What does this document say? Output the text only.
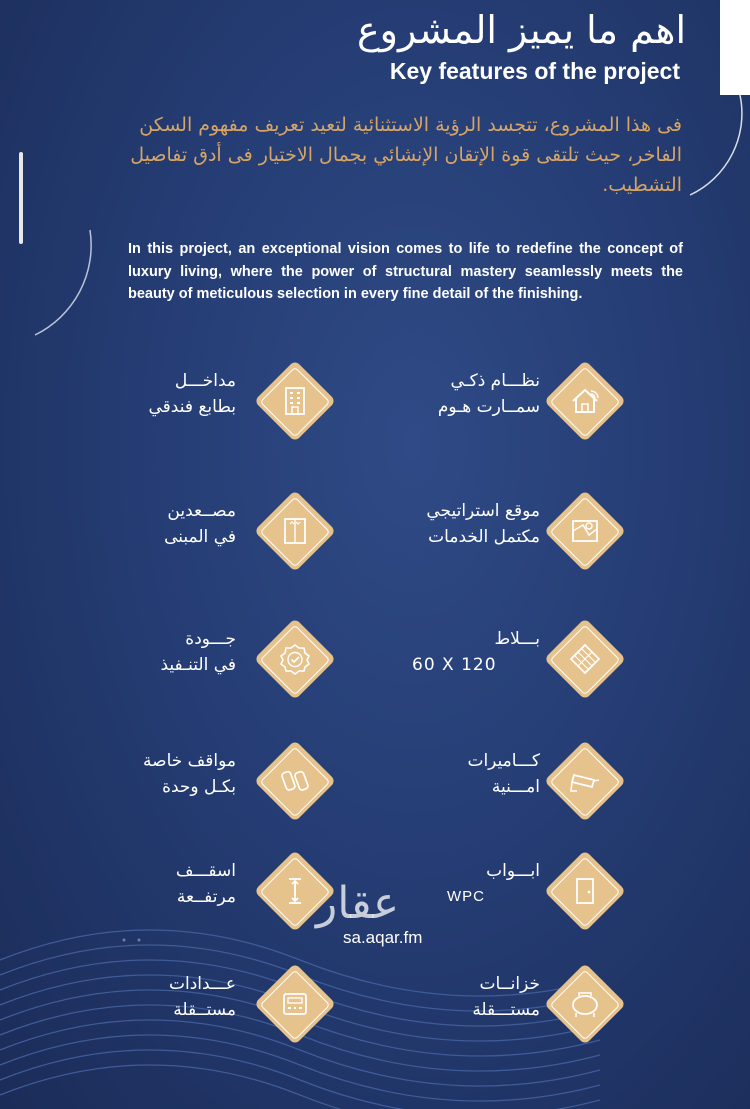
اهم ما يميز المشروع
Key features of the project
فى هذا المشروع، تتجسد الرؤية الاستثنائية لتعيد تعريف مفهوم السكن الفاخر، حيث تلتقى قوة الإتقان الإنشائي بجمال الاختيار فى أدق تفاصيل التشطيب.
In this project, an exceptional vision comes to life to redefine the concept of luxury living, where the power of structural mastery seamlessly meets the beauty of meticulous selection in every fine detail of the finishing.
نظـــام ذكـي
سمــارت هـوم
موقع استراتيجي
مكتمل الخدمات
بـــلاط
60 X 120
كـــاميرات
امـــنية
ابـــواب
WPC
خزانــات
مستـــقلة
مداخـــل
بطابع فندقي
مصــعدين
في المبنى
جـــودة
في التنـفيذ
مواقف خاصة
بكـل وحدة
اسقـــف
مرتفــعة
عـــدادات
مستــقلة
عقار
sa.aqar.fm
